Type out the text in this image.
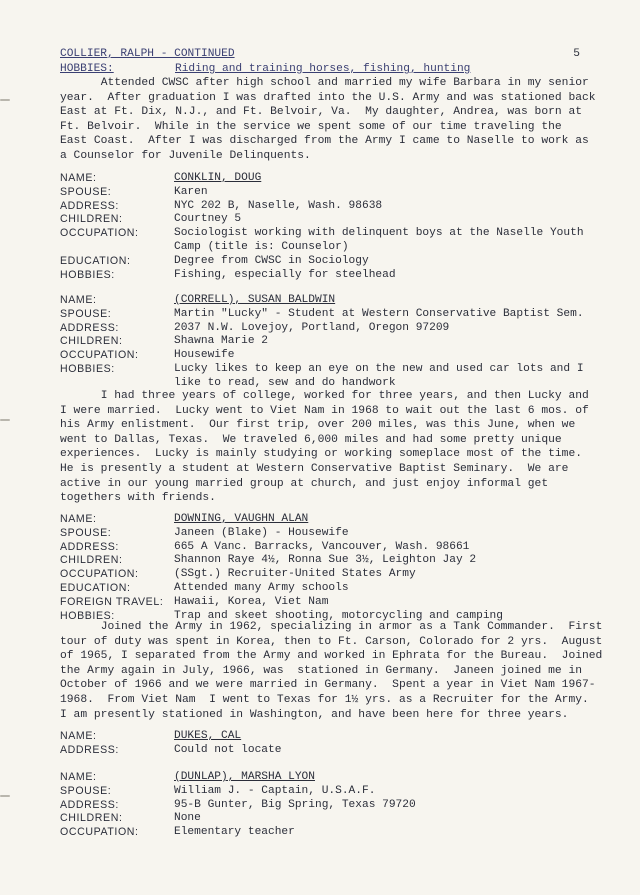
COLLIER, RALPH - CONTINUED	5
HOBBIES:	Riding and training horses, fishing, hunting
Attended CWSC after high school and married my wife Barbara in my senior
year.  After graduation I was drafted into the U.S. Army and was stationed back
East at Ft. Dix, N.J., and Ft. Belvoir, Va.  My daughter, Andrea, was born at
Ft. Belvoir.  While in the service we spent some of our time traveling the
East Coast.  After I was discharged from the Army I came to Naselle to work as
a Counselor for Juvenile Delinquents.
NAME:	CONKLIN, DOUG
SPOUSE:	Karen
ADDRESS:	NYC 202 B, Naselle, Wash. 98638
CHILDREN:	Courtney 5
OCCUPATION:	Sociologist working with delinquent boys at the Naselle Youth
Camp (title is: Counselor)
EDUCATION:	Degree from CWSC in Sociology
HOBBIES:	Fishing, especially for steelhead
NAME:	(CORRELL), SUSAN BALDWIN
SPOUSE:	Martin "Lucky" - Student at Western Conservative Baptist Sem.
ADDRESS:	2037 N.W. Lovejoy, Portland, Oregon 97209
CHILDREN:	Shawna Marie 2
OCCUPATION:	Housewife
HOBBIES:	Lucky likes to keep an eye on the new and used car lots and I
like to read, sew and do handwork
I had three years of college, worked for three years, and then Lucky and
I were married.  Lucky went to Viet Nam in 1968 to wait out the last 6 mos. of
his Army enlistment.  Our first trip, over 200 miles, was this June, when we
went to Dallas, Texas.  We traveled 6,000 miles and had some pretty unique
experiences.  Lucky is mainly studying or working someplace most of the time.
He is presently a student at Western Conservative Baptist Seminary.  We are
active in our young married group at church, and just enjoy informal get
togethers with friends.
NAME:	DOWNING, VAUGHN ALAN
SPOUSE:	Janeen (Blake) - Housewife
ADDRESS:	665 A Vanc. Barracks, Vancouver, Wash. 98661
CHILDREN:	Shannon Raye 4½, Ronna Sue 3½, Leighton Jay 2
OCCUPATION:	(SSgt.) Recruiter-United States Army
EDUCATION:	Attended many Army schools
FOREIGN TRAVEL: Hawaii, Korea, Viet Nam
HOBBIES:	Trap and skeet shooting, motorcycling and camping
Joined the Army in 1962, specializing in armor as a Tank Commander.  First
tour of duty was spent in Korea, then to Ft. Carson, Colorado for 2 yrs.  August
of 1965, I separated from the Army and worked in Ephrata for the Bureau.  Joined
the Army again in July, 1966, was  stationed in Germany.  Janeen joined me in
October of 1966 and we were married in Germany.  Spent a year in Viet Nam 1967-
1968.  From Viet Nam  I went to Texas for 1½ yrs. as a Recruiter for the Army.
I am presently stationed in Washington, and have been here for three years.
NAME:	DUKES, CAL
ADDRESS:	Could not locate
NAME:	(DUNLAP), MARSHA LYON
SPOUSE:	William J. - Captain, U.S.A.F.
ADDRESS:	95-B Gunter, Big Spring, Texas 79720
CHILDREN:	None
OCCUPATION:	Elementary teacher
